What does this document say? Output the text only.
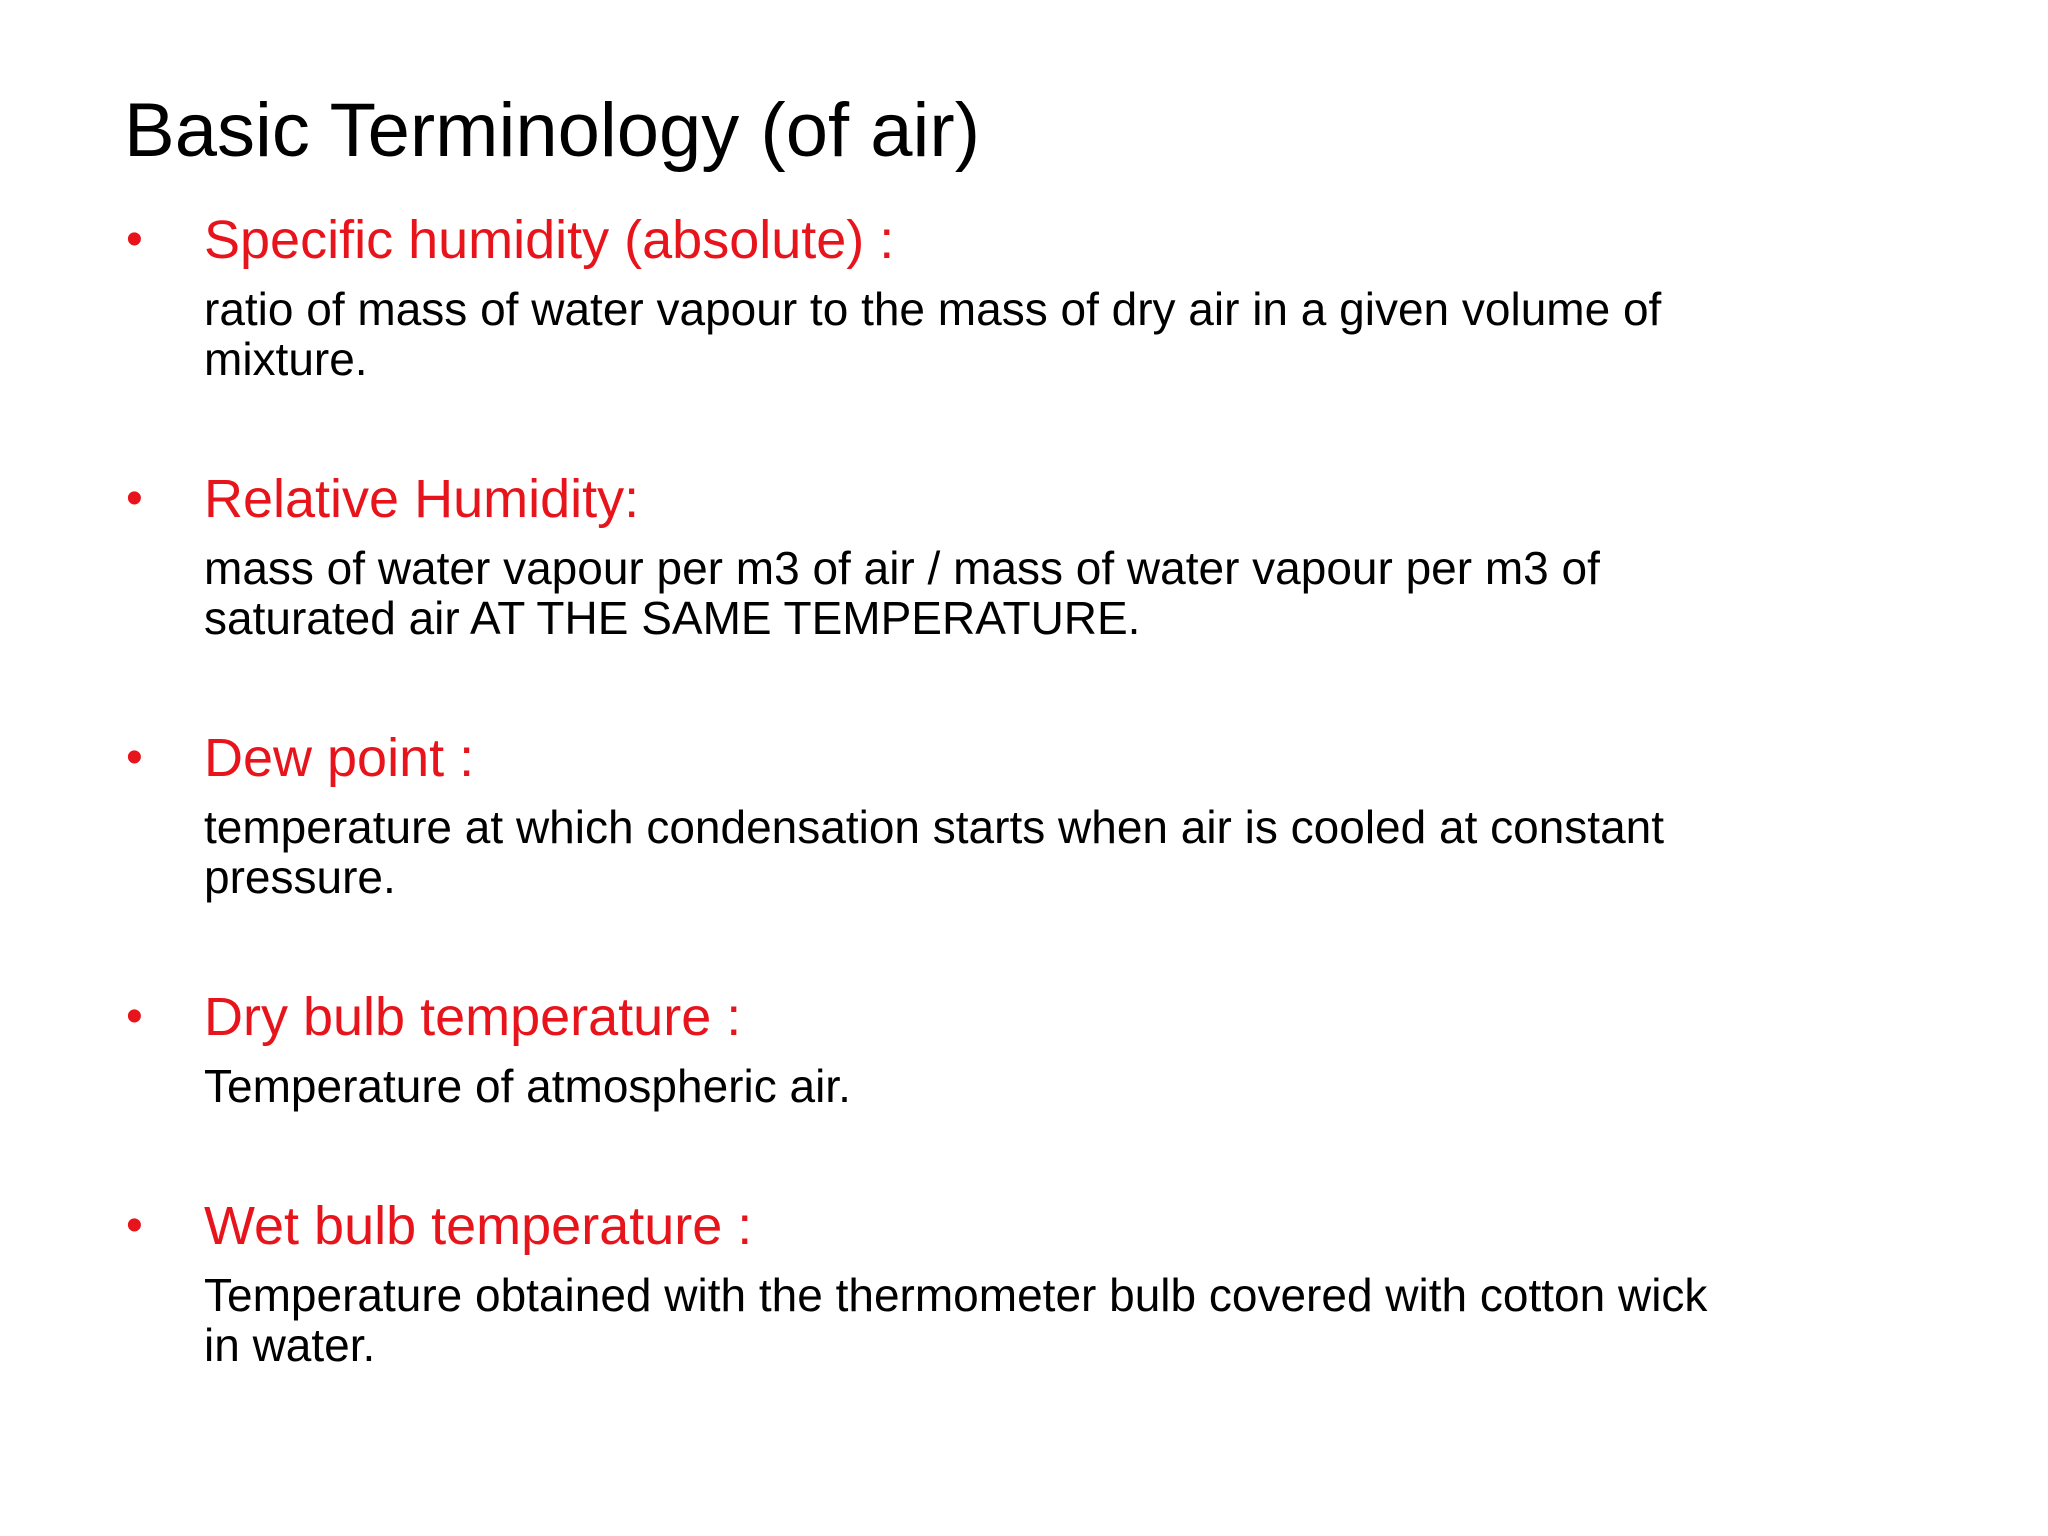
Basic Terminology (of air)
• Specific humidity (absolute) :
ratio of mass of water vapour to the mass of dry air in a given volume of
mixture.
• Relative Humidity:
mass of water vapour per m3 of air / mass of water vapour per m3 of
saturated air AT THE SAME TEMPERATURE.
• Dew point :
temperature at which condensation starts when air is cooled at constant
pressure.
• Dry bulb temperature :
Temperature of atmospheric air.
• Wet bulb temperature :
Temperature obtained with the thermometer bulb covered with cotton wick
in water.
